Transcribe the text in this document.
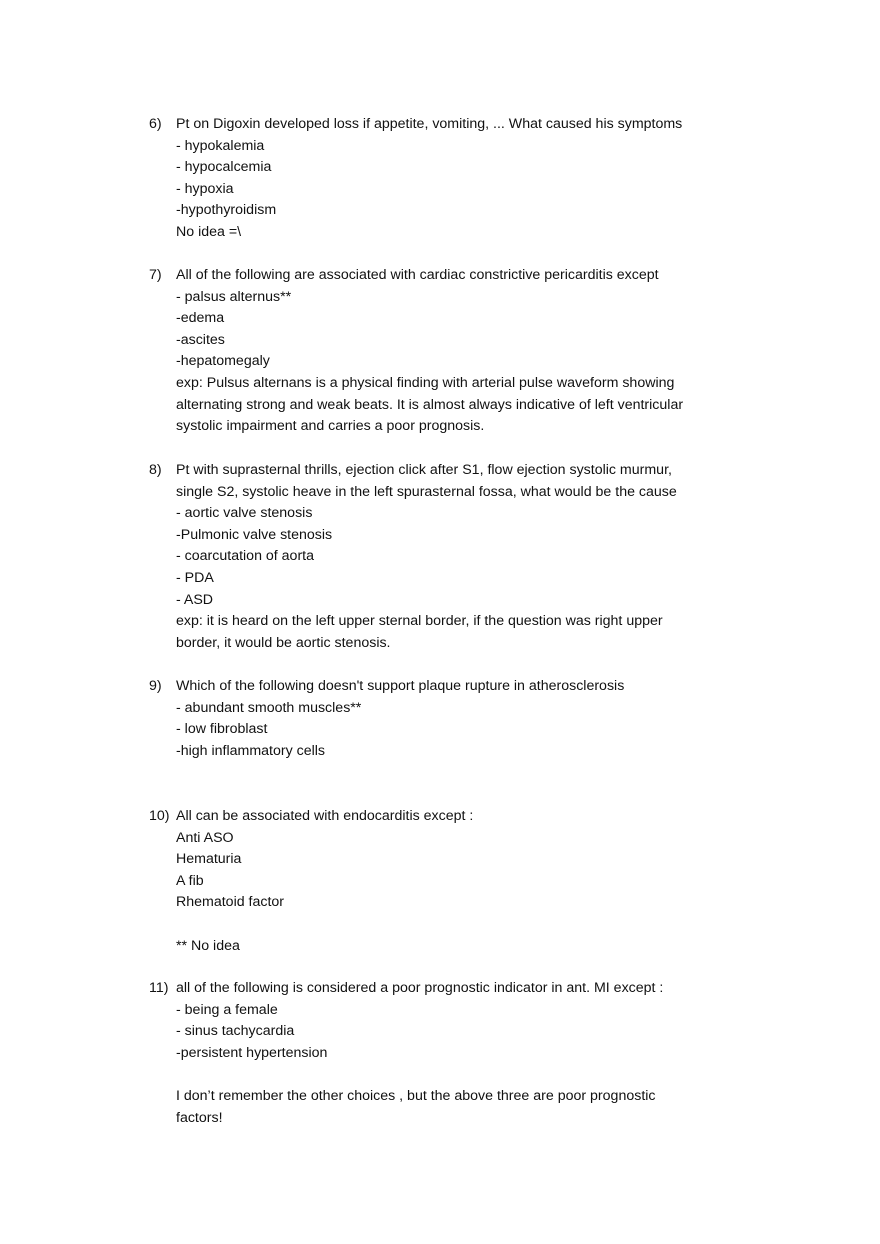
6)	Pt on Digoxin developed loss if appetite, vomiting, ... What caused his symptoms
- hypokalemia
- hypocalcemia
- hypoxia
-hypothyroidism
No idea =\
7)	All of the following are associated with cardiac constrictive pericarditis except
- palsus alternus**
-edema
-ascites
-hepatomegaly
exp: Pulsus alternans is a physical finding with arterial pulse waveform showing
alternating strong and weak beats. It is almost always indicative of left ventricular
systolic impairment and carries a poor prognosis.
8)	Pt with suprasternal thrills, ejection click after S1, flow ejection systolic murmur,
single S2, systolic heave in the left spurasternal fossa, what would be the cause
- aortic valve stenosis
-Pulmonic valve stenosis
- coarcutation of aorta
- PDA
- ASD
exp: it is heard on the left upper sternal border, if the question was right upper
border, it would be aortic stenosis.
9)	Which of the following doesn't support plaque rupture in atherosclerosis
- abundant smooth muscles**
- low fibroblast
-high inflammatory cells
10) All can be associated with endocarditis except :
Anti ASO
Hematuria
A fib
Rhematoid factor
** No idea
11) all of the following is considered a poor prognostic indicator in ant. MI except :
- being a female
- sinus tachycardia
-persistent hypertension
I don’t remember the other choices , but the above three are poor prognostic
factors!
